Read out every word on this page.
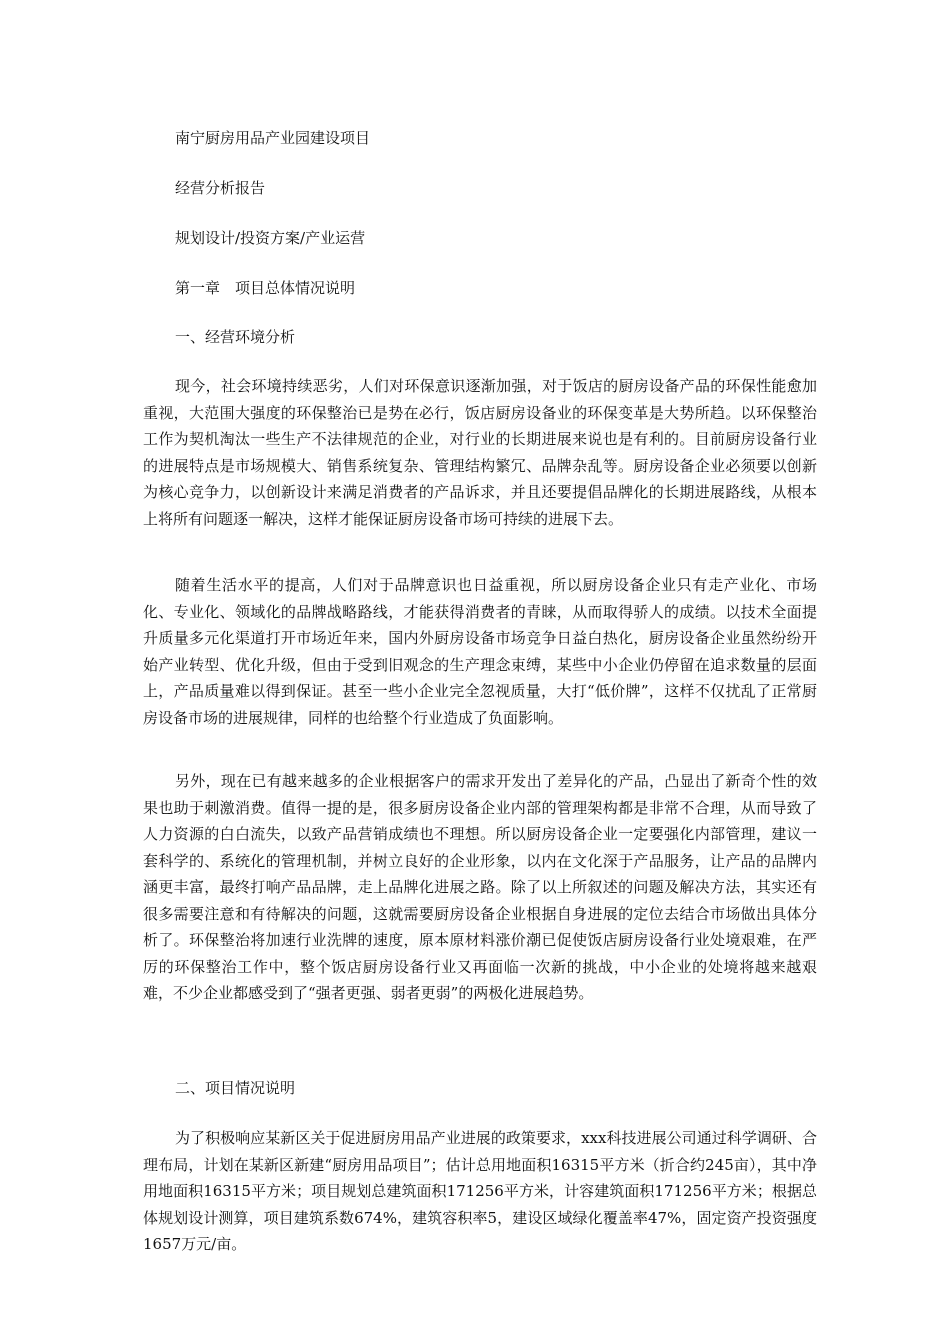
南宁厨房用品产业园建设项目
经营分析报告
规划设计/投资方案/产业运营
第一章　项目总体情况说明
一、经营环境分析

现今，社会环境持续恶劣，人们对环保意识逐渐加强，对于饭店的厨房设备产品的环保性能愈加重视，大范围大强度的环保整治已是势在必行，饭店厨房设备业的环保变革是大势所趋。以环保整治工作为契机淘汰一些生产不法律规范的企业，对行业的长期进展来说也是有利的。目前厨房设备行业的进展特点是市场规模大、销售系统复杂、管理结构繁冗、品牌杂乱等。厨房设备企业必须要以创新为核心竞争力，以创新设计来满足消费者的产品诉求，并且还要提倡品牌化的长期进展路线，从根本上将所有问题逐一解决，这样才能保证厨房设备市场可持续的进展下去。

随着生活水平的提高，人们对于品牌意识也日益重视，所以厨房设备企业只有走产业化、市场化、专业化、领域化的品牌战略路线，才能获得消费者的青睐，从而取得骄人的成绩。以技术全面提升质量多元化渠道打开市场近年来，国内外厨房设备市场竞争日益白热化，厨房设备企业虽然纷纷开始产业转型、优化升级，但由于受到旧观念的生产理念束缚，某些中小企业仍停留在追求数量的层面上，产品质量难以得到保证。甚至一些小企业完全忽视质量，大打“低价牌”，这样不仅扰乱了正常厨房设备市场的进展规律，同样的也给整个行业造成了负面影响。

另外，现在已有越来越多的企业根据客户的需求开发出了差异化的产品，凸显出了新奇个性的效果也助于刺激消费。值得一提的是，很多厨房设备企业内部的管理架构都是非常不合理，从而导致了人力资源的白白流失，以致产品营销成绩也不理想。所以厨房设备企业一定要强化内部管理，建议一套科学的、系统化的管理机制，并树立良好的企业形象，以内在文化深于产品服务，让产品的品牌内涵更丰富，最终打响产品品牌，走上品牌化进展之路。除了以上所叙述的问题及解决方法，其实还有很多需要注意和有待解决的问题，这就需要厨房设备企业根据自身进展的定位去结合市场做出具体分析了。环保整治将加速行业洗牌的速度，原本原材料涨价潮已促使饭店厨房设备行业处境艰难，在严厉的环保整治工作中，整个饭店厨房设备行业又再面临一次新的挑战，中小企业的处境将越来越艰难，不少企业都感受到了“强者更强、弱者更弱”的两极化进展趋势。

二、项目情况说明

为了积极响应某新区关于促进厨房用品产业进展的政策要求，xxx科技进展公司通过科学调研、合理布局，计划在某新区新建“厨房用品项目”；估计总用地面积16315平方米（折合约245亩），其中净用地面积16315平方米；项目规划总建筑面积171256平方米，计容建筑面积171256平方米；根据总体规划设计测算，项目建筑系数674%，建筑容积率5，建设区域绿化覆盖率47%，固定资产投资强度1657万元/亩。
